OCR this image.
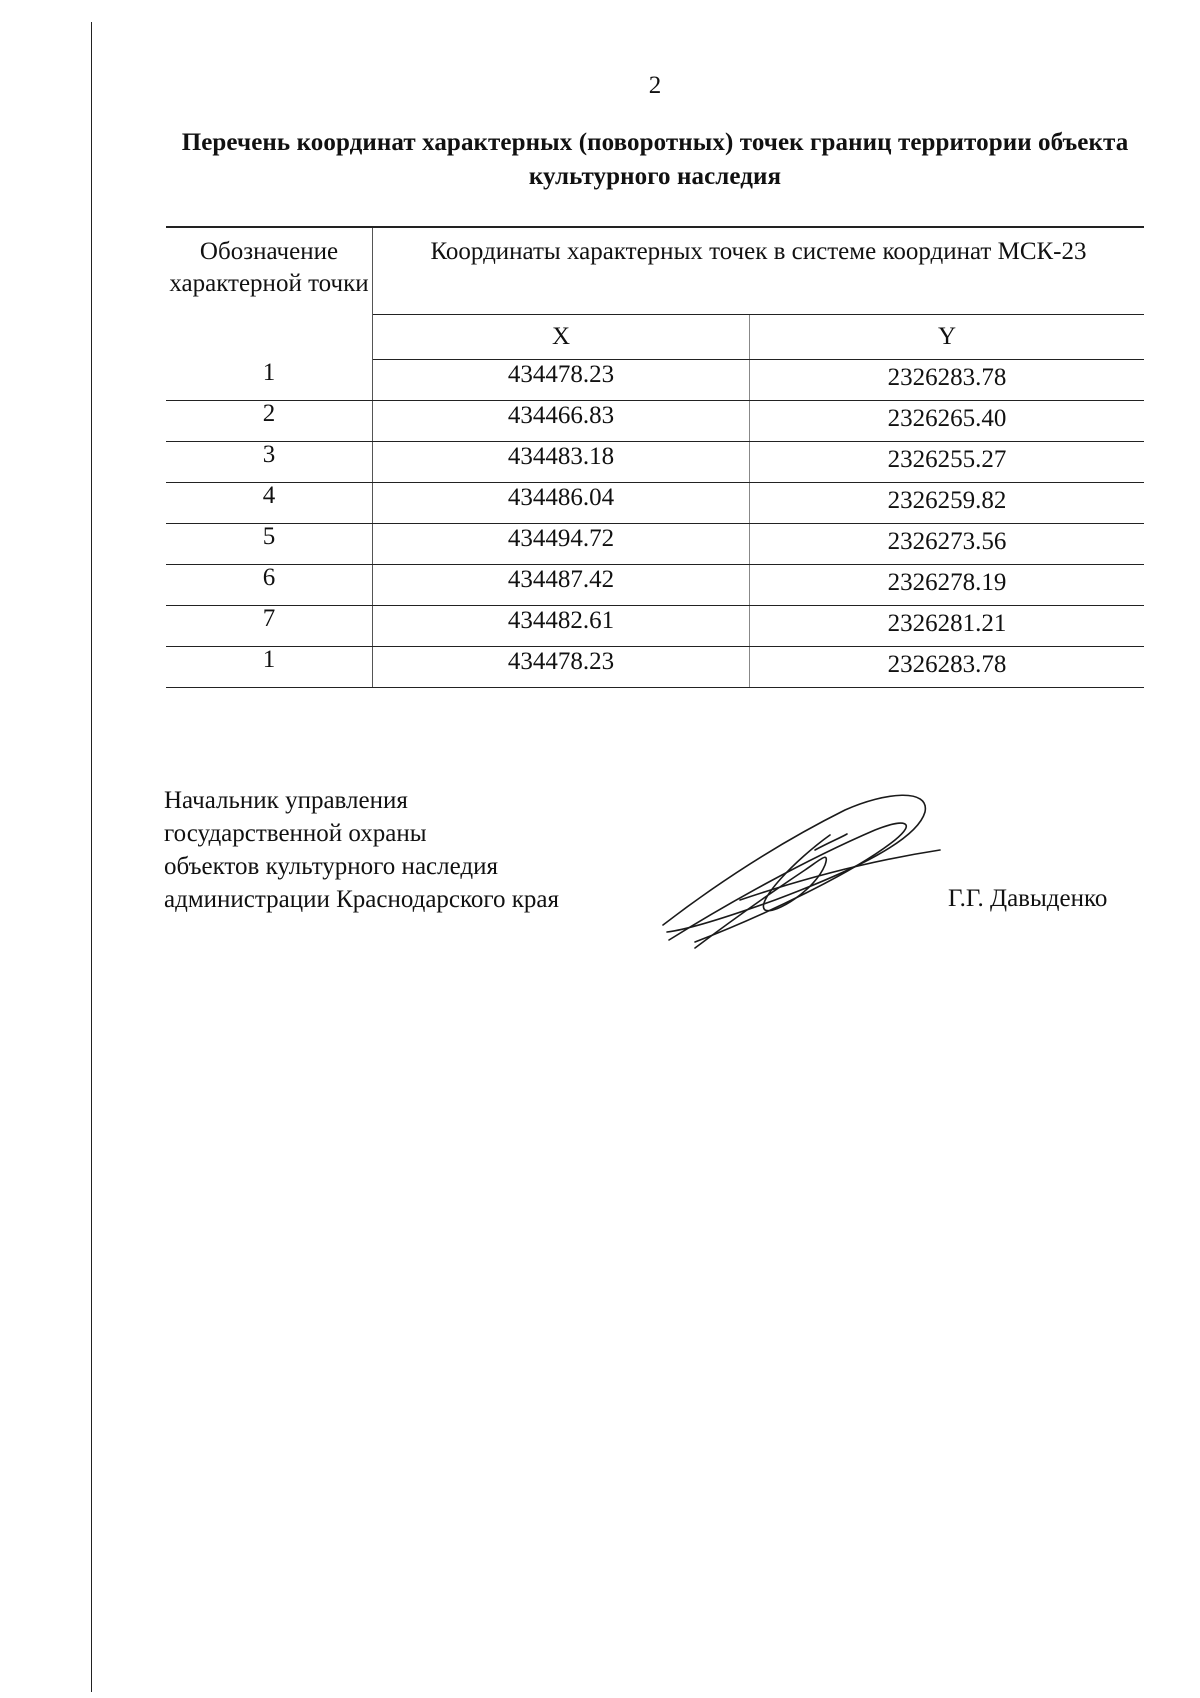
2
Перечень координат характерных (поворотных) точек границ территории объекта культурного наследия
Обозначение характерной точки	Координаты характерных точек в системе координат МСК-23	
	X	Y
1	434478.23	2326283.78
2	434466.83	2326265.40
3	434483.18	2326255.27
4	434486.04	2326259.82
5	434494.72	2326273.56
6	434487.42	2326278.19
7	434482.61	2326281.21
1	434478.23	2326283.78
Начальник управления
государственной охраны
объектов культурного наследия
администрации Краснодарского края	Г.Г. Давыденко
